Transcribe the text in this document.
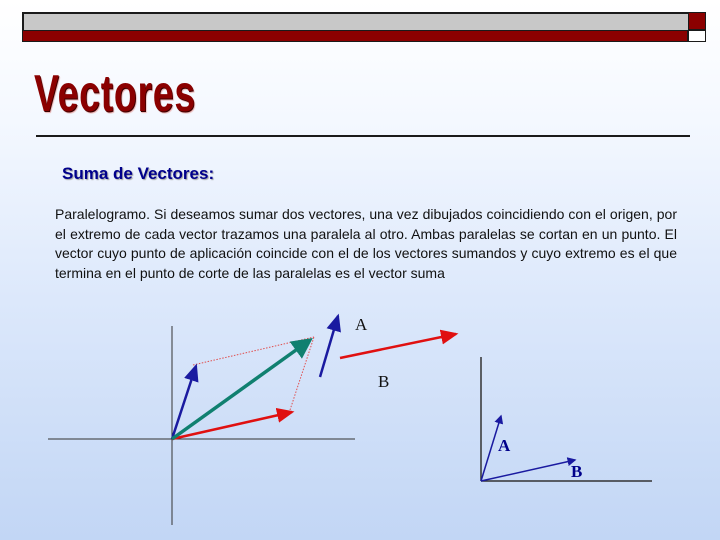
Vectores
Suma de Vectores:

Paralelogramo. Si deseamos sumar dos vectores, una vez dibujados coincidiendo con el origen, por el extremo de cada vector trazamos una paralela al otro. Ambas paralelas se cortan en un punto. El vector cuyo punto de aplicación coincide con el de los vectores sumandos y cuyo extremo es el que termina en el punto de corte de las paralelas es el vector suma

A
B
A
B
